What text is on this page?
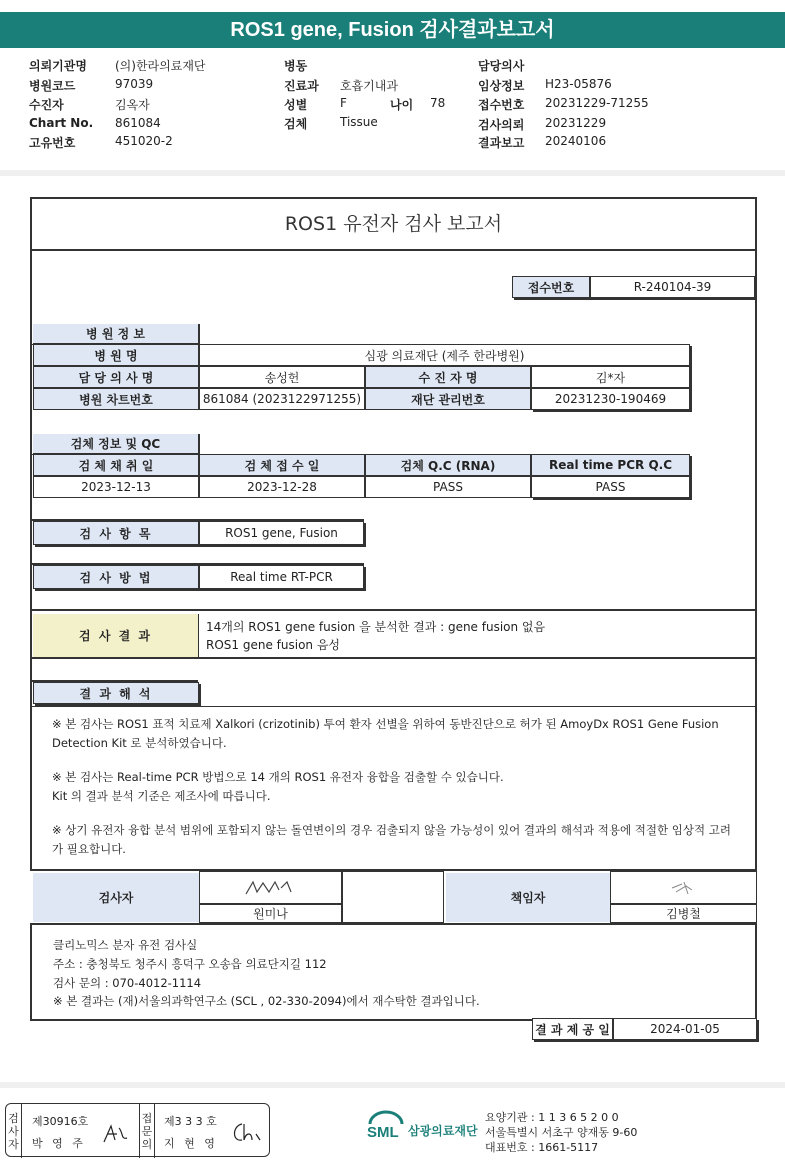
ROS1 gene, Fusion 검사결과보고서
의뢰기관명 (의)한라의료재단
병원코드	97039
수진자	김옥자
Chart No. 861084
고유번호	451020-2
병동
진료과 호흡기내과
성별	F	나이 78
검체	Tissue
담당의사
임상정보 H23-05876
접수번호 20231229-71255
검사의뢰 20231229
결과보고 20240106
ROS1 유전자 검사 보고서
접수번호	R-240104-39
병 원 정 보
병 원 명	심광 의료재단 (제주 한라병원)
담 당 의 사 명	송성헌	수 진 자 명	김*자
병원 차트번호	861084 (2023122971255)	재단 관리번호	20231230-190469
검체 정보 및 QC
검 체 채 취 일	검 체 접 수 일	검체 Q.C (RNA)	Real time PCR Q.C
2023-12-13	2023-12-28	PASS	PASS
검 사 항 목	ROS1 gene, Fusion
검 사 방 법	Real time RT-PCR
검 사 결 과
14개의 ROS1 gene fusion 을 분석한 결과 : gene fusion 없음
ROS1 gene fusion 음성
결 과 해 석
※ 본 검사는 ROS1 표적 치료제 Xalkori (crizotinib) 투여 환자 선별을 위하여 동반진단으로 허가 된 AmoyDx ROS1 Gene Fusion Detection Kit 로 분석하였습니다.
※ 본 검사는 Real-time PCR 방법으로 14 개의 ROS1 유전자 융합을 검출할 수 있습니다.
Kit 의 결과 분석 기준은 제조사에 따릅니다.
※ 상기 유전자 융합 분석 범위에 포함되지 않는 돌연변이의 경우 검출되지 않을 가능성이 있어 결과의 해석과 적용에 적절한 임상적 고려가 필요합니다.
검사자
원미나
책임자
김병철
클리노믹스 분자 유전 검사실
주소 : 충청북도 청주시 흥덕구 오송읍 의료단지길 112
검사 문의 : 070-4012-1114
※ 본 결과는 (재)서울의과학연구소 (SCL , 02-330-2094)에서 재수탁한 결과입니다.
결 과 제 공 일	2024-01-05
검
사
자
제30916호
박 영 주
접
문
의
제3 3 3 호
지 현 영
SML 삼광의료재단
요양기관 : 1 1 3 6 5 2 0 0
서울특별시 서초구 양재동 9-60
대표번호 : 1661-5117
